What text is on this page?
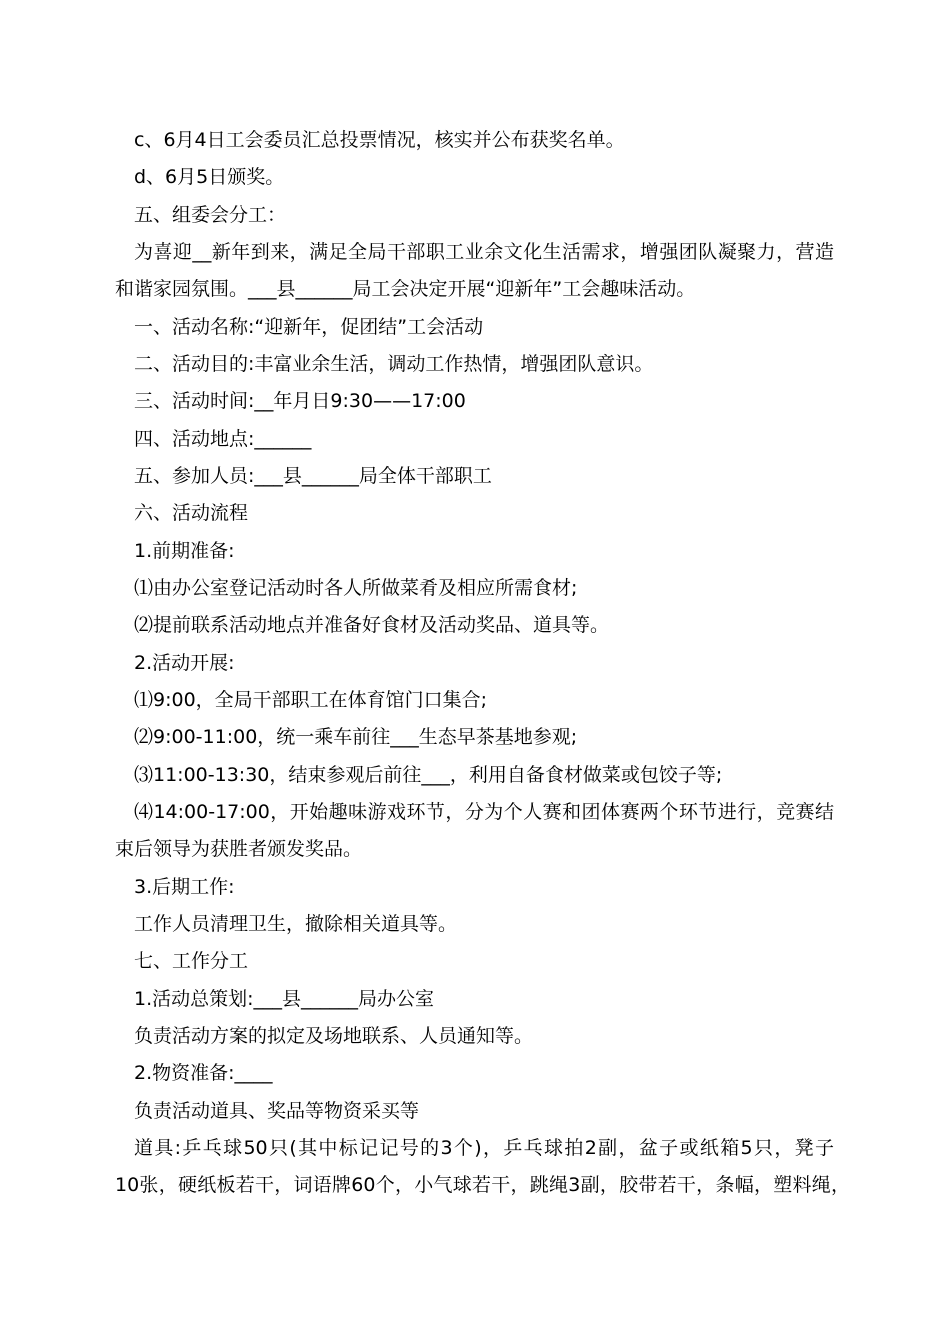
c、6月4日工会委员汇总投票情况，核实并公布获奖名单。
d、6月5日颁奖。
五、组委会分工：
为喜迎__新年到来，满足全局干部职工业余文化生活需求，增强团队凝聚力，营造
和谐家园氛围。___县______局工会决定开展“迎新年”工会趣味活动。
一、活动名称:“迎新年，促团结”工会活动
二、活动目的:丰富业余生活，调动工作热情，增强团队意识。
三、活动时间:__年月日9:30——17:00
四、活动地点:______
五、参加人员:___县______局全体干部职工
六、活动流程
1.前期准备:
⑴由办公室登记活动时各人所做菜肴及相应所需食材;
⑵提前联系活动地点并准备好食材及活动奖品、道具等。
2.活动开展:
⑴9:00，全局干部职工在体育馆门口集合;
⑵9:00-11:00，统一乘车前往___生态早茶基地参观;
⑶11:00-13:30，结束参观后前往___，利用自备食材做菜或包饺子等;
⑷14:00-17:00，开始趣味游戏环节，分为个人赛和团体赛两个环节进行，竞赛结
束后领导为获胜者颁发奖品。
3.后期工作:
工作人员清理卫生，撤除相关道具等。
七、工作分工
1.活动总策划:___县______局办公室
负责活动方案的拟定及场地联系、人员通知等。
2.物资准备:____
负责活动道具、奖品等物资采买等
道具:乒乓球50只(其中标记记号的3个)，乒乓球拍2副，盆子或纸箱5只，凳子
10张，硬纸板若干，词语牌60个，小气球若干，跳绳3副，胶带若干，条幅，塑料绳，
